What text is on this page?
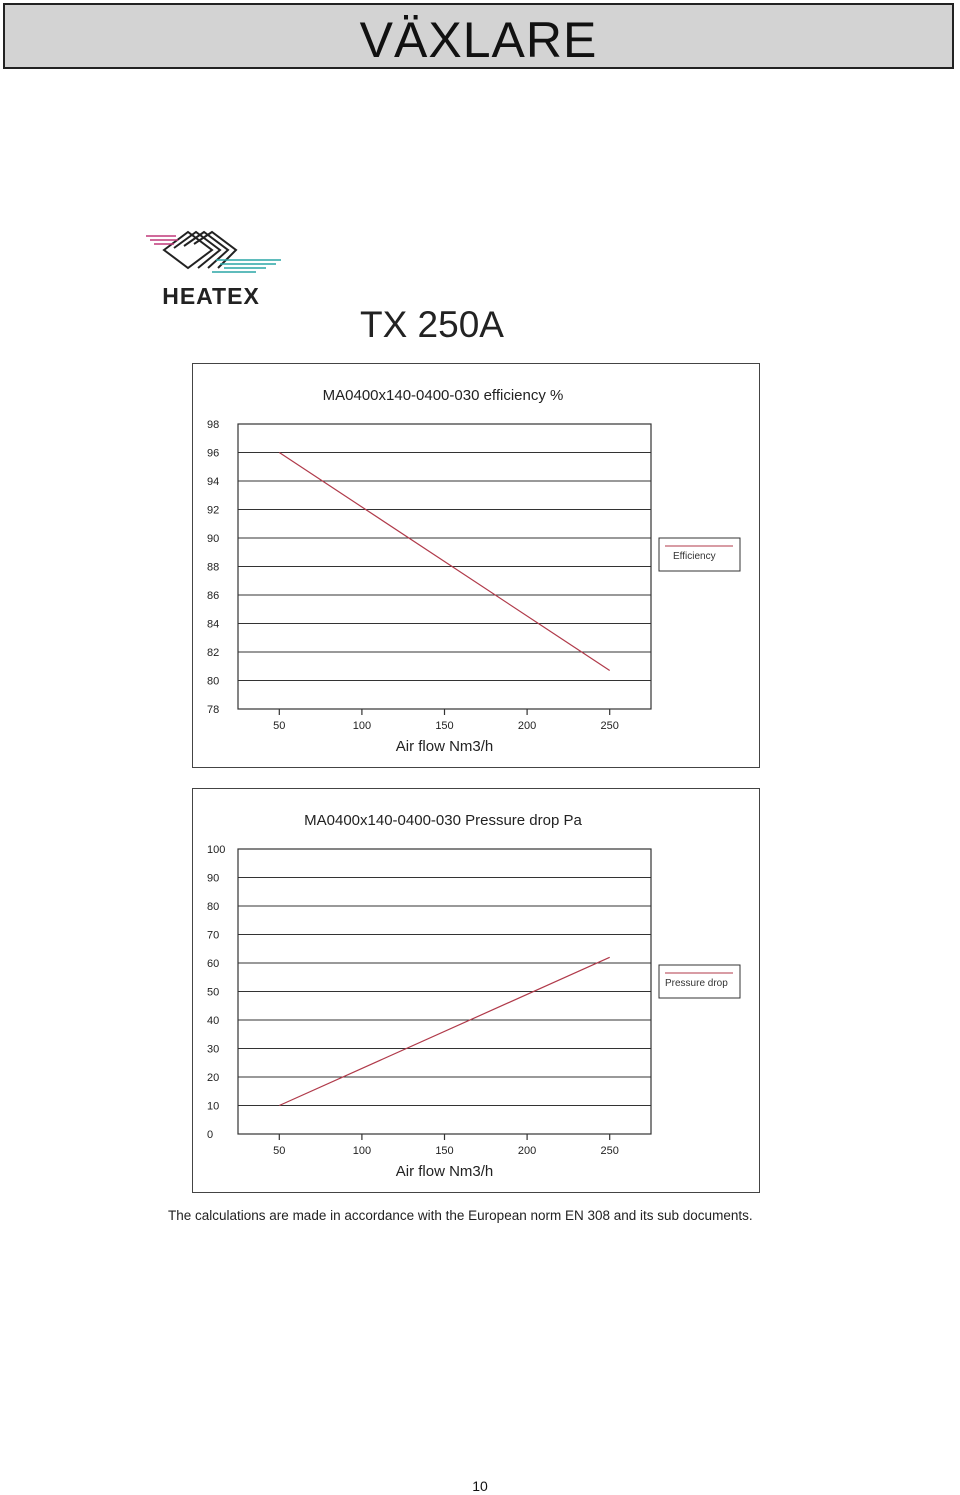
VÄXLARE
HEATEX
TX 250A
MA0400x140-0400-030 efficiency %
78
80
82
84
86
88
90
92
94
96
98
50	100	150	200	250
Air flow Nm3/h
Efficiency
MA0400x140-0400-030 Pressure drop Pa
0
10
20
30
40
50
60
70
80
90
100
50	100	150	200	250
Air flow Nm3/h
Pressure drop
The calculations are made in accordance with the European norm EN 308 and its sub documents.
10
